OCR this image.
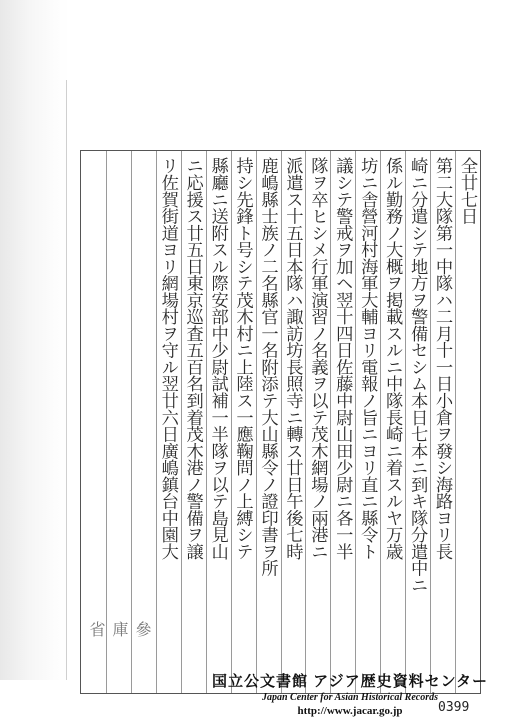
全廿七日
第二大隊第一中隊ハ二月十一日小倉ヲ發シ海路ヨリ長
崎ニ分遣シテ地方ヲ警備セシム本日七本ニ到キ隊分遣中ニ
係ル勤務ノ大概ヲ掲載スルニ中隊長崎ニ着スルヤ万歳
坊ニ舎營河村海軍大輔ヨリ電報ノ旨ニヨリ直ニ縣令ト
議シテ警戒ヲ加ヘ翌十四日佐藤中尉山田少尉ニ各一半
隊ヲ卒ヒシメ行軍演習ノ名義ヲ以テ茂木網場ノ兩港ニ
派遣ス十五日本隊ハ諏訪坊長照寺ニ轉ス廿日午後七時
鹿嶋縣士族ノ二名縣官一名附添テ大山縣令ノ證印書ヲ所
持シ先鋒ト号シテ茂木村ニ上陸ス一應鞠問ノ上縛シテ
縣廳ニ送附スル際安部中少尉試補一半隊ヲ以テ島見山
ニ応援ス廿五日東京巡査五百名到着茂木港ノ警備ヲ譲
リ佐賀街道ヨリ網場村ヲ守ル翌廿六日廣嶋鎮台中園大
參 庫 省
0399
国立公文書館 アジア歴史資料センター
Japan Center for Asian Historical Records
http://www.jacar.go.jp
